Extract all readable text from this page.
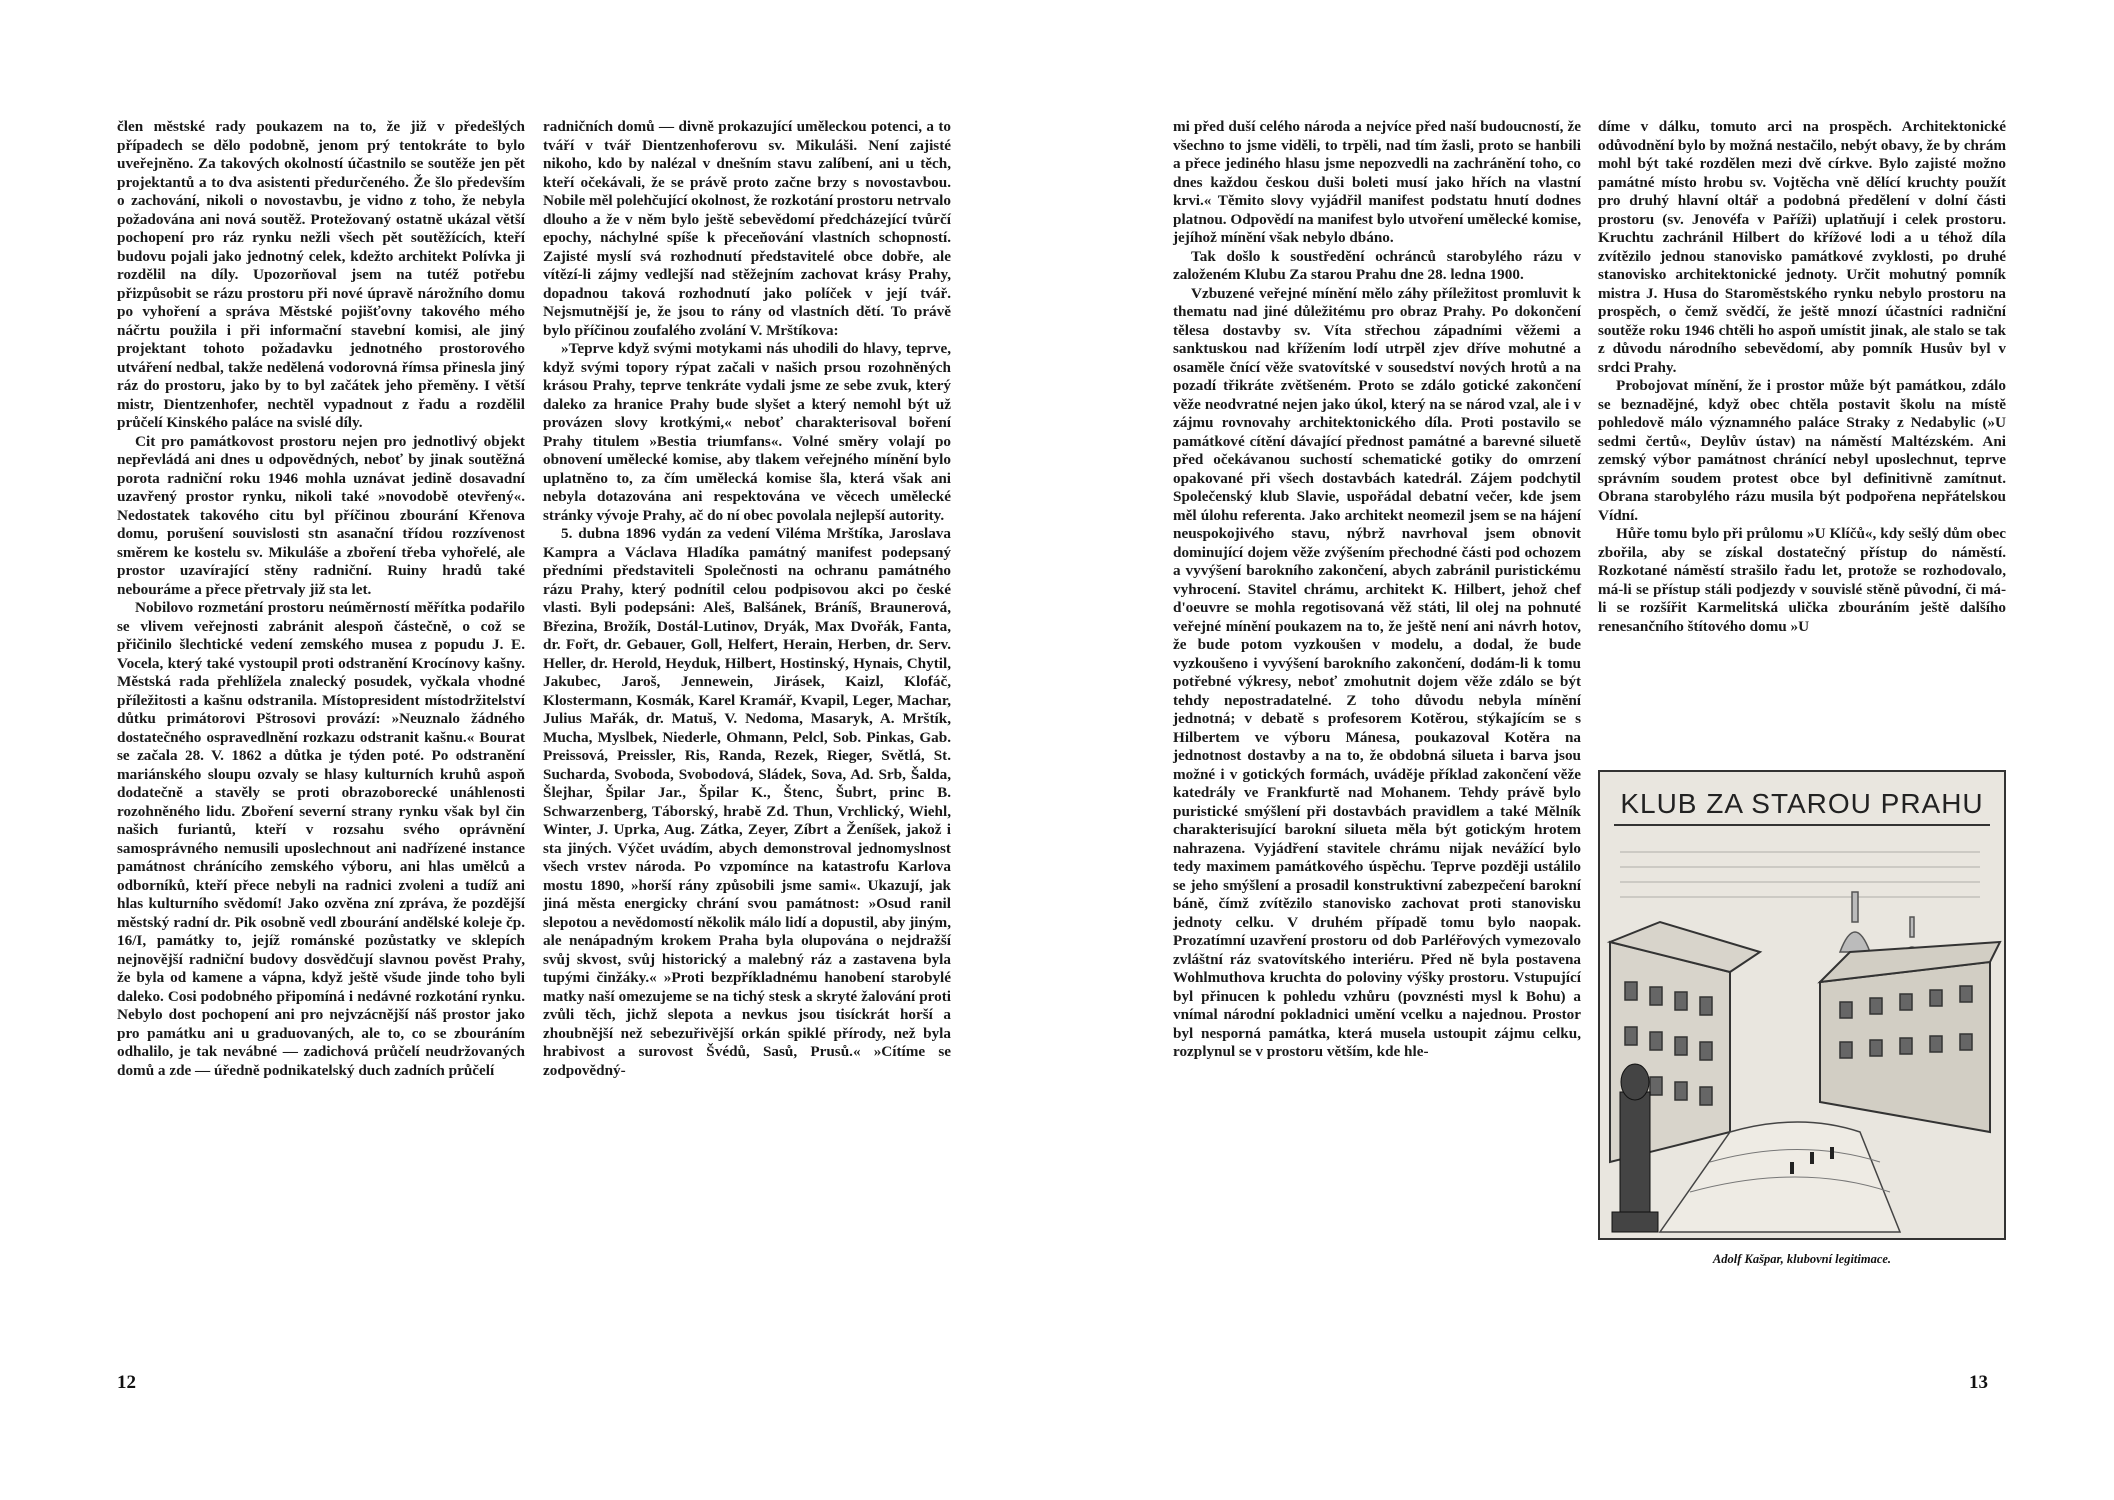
člen městské rady poukazem na to, že již v předešlých případech se dělo podobně, jenom prý tentokráte to bylo uveřejněno. Za takových okolností účastnilo se soutěže jen pět projektantů a to dva asistenti předurčeného. Že šlo především o zachování, nikoli o novostavbu, je vidno z toho, že nebyla požadována ani nová soutěž. Protežovaný ostatně ukázal větší pochopení pro ráz rynku nežli všech pět soutěžících, kteří budovu pojali jako jednotný celek, kdežto architekt Polívka ji rozdělil na díly. Upozorňoval jsem na tutéž potřebu přizpůsobit se rázu prostoru při nové úpravě nárožního domu po vyhoření a správa Městské pojišťovny takového mého náčrtu použila i při informační stavební komisi, ale jiný projektant tohoto požadavku jednotného prostorového utváření nedbal, takže nedělená vodorovná římsa přinesla jiný ráz do prostoru, jako by to byl začátek jeho přeměny. I větší mistr, Dientzenhofer, nechtěl vypadnout z řadu a rozdělil průčelí Kinského paláce na svislé díly.

Cit pro památkovost prostoru nejen pro jednotlivý objekt nepřevládá ani dnes u odpovědných, neboť by jinak soutěžná porota radniční roku 1946 mohla uznávat jedině dosavadní uzavřený prostor rynku, nikoli také »novodobě otevřený«. Nedostatek takového citu byl příčinou zbourání Křenova domu, porušení souvislosti stn asanační třídou rozzívenost směrem ke kostelu sv. Mikuláše a zboření třeba vyhořelé, ale prostor uzavírající stěny radniční. Ruiny hradů také nebouráme a přece přetrvaly již sta let.

Nobilovo rozmetání prostoru neúměrností měřítka podařilo se vlivem veřejnosti zabránit alespoň částečně, o což se přičinilo šlechtické vedení zemského musea z popudu J. E. Vocela, který také vystoupil proti odstranění Krocínovy kašny. Městská rada přehlížela znalecký posudek, vyčkala vhodné příležitosti a kašnu odstranila. Místopresident místodržitelství důtku primátorovi Pštrosovi provází: »Neuznalo žádného dostatečného ospravedlnění rozkazu odstranit kašnu.« Bourat se začala 28. V. 1862 a důtka je týden poté. Po odstranění mariánského sloupu ozvaly se hlasy kulturních kruhů aspoň dodatečně a stavěly se proti obrazoborecké unáhlenosti rozohněného lidu. Zboření severní strany rynku však byl čin našich furiantů, kteří v rozsahu svého oprávnění samosprávného nemusili uposlechnout ani nadřízené instance památnost chránícího zemského výboru, ani hlas umělců a odborníků, kteří přece nebyli na radnici zvoleni a tudíž ani hlas kulturního svědomí! Jako ozvěna zní zpráva, že pozdější městský radní dr. Pik osobně vedl zbourání andělské koleje čp. 16/I, památky to, jejíž románské pozůstatky ve sklepích nejnovější radniční budovy dosvědčují slavnou pověst Prahy, že byla od kamene a vápna, když ještě všude jinde toho byli daleko. Cosi podobného připomíná i nedávné rozkotání rynku. Nebylo dost pochopení ani pro nejvzácnější náš prostor jako pro památku ani u graduovaných, ale to, co se zbouráním odhalilo, je tak nevábné — zadichová průčelí neudržovaných domů a zde — úředně podnikatelský duch zadních průčelí

radničních domů — divně prokazující uměleckou potenci, a to tváří v tvář Dientzenhoferovu sv. Mikuláši. Není zajisté nikoho, kdo by nalézal v dnešním stavu zalíbení, ani u těch, kteří očekávali, že se právě proto začne brzy s novostavbou. Nobile měl polehčující okolnost, že rozkotání prostoru netrvalo dlouho a že v něm bylo ještě sebevědomí předcházející tvůrčí epochy, náchylné spíše k přeceňování vlastních schopností. Zajisté myslí svá rozhodnutí představitelé obce dobře, ale vítězí-li zájmy vedlejší nad stěžejním zachovat krásy Prahy, dopadnou taková rozhodnutí jako políček v její tvář. Nejsmutnější je, že jsou to rány od vlastních dětí. To právě bylo příčinou zoufalého zvolání V. Mrštíkova:

»Teprve když svými motykami nás uhodili do hlavy, teprve, když svými topory rýpat začali v našich prsou rozohněných krásou Prahy, teprve tenkráte vydali jsme ze sebe zvuk, který daleko za hranice Prahy bude slyšet a který nemohl být už provázen slovy krotkými,« neboť charakterisoval boření Prahy titulem »Bestia triumfans«. Volné směry volají po obnovení umělecké komise, aby tlakem veřejného mínění bylo uplatněno to, za čím umělecká komise šla, která však ani nebyla dotazována ani respektována ve věcech umělecké stránky vývoje Prahy, ač do ní obec povolala nejlepší autority.

5. dubna 1896 vydán za vedení Viléma Mrštíka, Jaroslava Kampra a Václava Hladíka památný manifest podepsaný předními představiteli Společnosti na ochranu památného rázu Prahy, který podnítil celou podpisovou akci po české vlasti. Byli podepsáni: Aleš, Balšánek, Bráníš, Braunerová, Březina, Brožík, Dostál-Lutinov, Dryák, Max Dvořák, Fanta, dr. Fořt, dr. Gebauer, Goll, Helfert, Herain, Herben, dr. Serv. Heller, dr. Herold, Heyduk, Hilbert, Hostinský, Hynais, Chytil, Jakubec, Jaroš, Jennewein, Jirásek, Kaizl, Klofáč, Klostermann, Kosmák, Karel Kramář, Kvapil, Leger, Machar, Julius Mařák, dr. Matuš, V. Nedoma, Masaryk, A. Mrštík, Mucha, Myslbek, Niederle, Ohmann, Pelcl, Sob. Pinkas, Gab. Preissová, Preissler, Ris, Randa, Rezek, Rieger, Světlá, St. Sucharda, Svoboda, Svobodová, Sládek, Sova, Ad. Srb, Šalda, Šlejhar, Špilar Jar., Špilar K., Štenc, Šubrt, princ B. Schwarzenberg, Táborský, hrabě Zd. Thun, Vrchlický, Wiehl, Winter, J. Uprka, Aug. Zátka, Zeyer, Zíbrt a Ženíšek, jakož i sta jiných. Výčet uvádím, abych demonstroval jednomyslnost všech vrstev národa. Po vzpomínce na katastrofu Karlova mostu 1890, »horší rány způsobili jsme sami«. Ukazují, jak jiná města energicky chrání svou památnost: »Osud ranil slepotou a nevědomostí několik málo lidí a dopustil, aby jiným, ale nenápadným krokem Praha byla olupována o nejdražší svůj skvost, svůj historický a malebný ráz a zastavena byla tupými činžáky.« »Proti bezpříkladnému hanobení starobylé matky naší omezujeme se na tichý stesk a skryté žalování proti zvůli těch, jichž slepota a nevkus jsou tisíckrát horší a zhoubnější než sebezuřivější orkán spiklé přírody, než byla hrabivost a surovost Švédů, Sasů, Prusů.« »Cítíme se zodpovědný-

12

mi před duší celého národa a nejvíce před naší budoucností, že všechno to jsme viděli, to trpěli, nad tím žasli, proto se hanbili a přece jediného hlasu jsme nepozvedli na zachránění toho, co dnes každou českou duši boleti musí jako hřích na vlastní krvi.« Těmito slovy vyjádřil manifest podstatu hnutí dodnes platnou. Odpovědí na manifest bylo utvoření umělecké komise, jejíhož mínění však nebylo dbáno.

Tak došlo k soustředění ochránců starobylého rázu v založeném Klubu Za starou Prahu dne 28. ledna 1900.

Vzbuzené veřejné mínění mělo záhy příležitost promluvit k thematu nad jiné důležitému pro obraz Prahy. Po dokončení tělesa dostavby sv. Víta střechou západními věžemi a sanktuskou nad křížením lodí utrpěl zjev dříve mohutné a osaměle čnící věže svatovítské v sousedství nových hrotů a na pozadí třikráte zvětšeném. Proto se zdálo gotické zakončení věže neodvratné nejen jako úkol, který na se národ vzal, ale i v zájmu rovnovahy architektonického díla. Proti postavilo se památkové cítění dávající přednost památné a barevné siluetě před očekávanou suchostí schematické gotiky do omrzení opakované při všech dostavbách katedrál. Zájem podchytil Společenský klub Slavie, uspořádal debatní večer, kde jsem měl úlohu referenta. Jako architekt neomezil jsem se na hájení neuspokojivého stavu, nýbrž navrhoval jsem obnovit dominující dojem věže zvýšením přechodné části pod ochozem a vyvýšení barokního zakončení, abych zabránil puristickému vyhrocení. Stavitel chrámu, architekt K. Hilbert, jehož chef d'oeuvre se mohla regotisovaná věž státi, lil olej na pohnuté veřejné mínění poukazem na to, že ještě není ani návrh hotov, že bude potom vyzkoušen v modelu, a dodal, že bude vyzkoušeno i vyvýšení barokního zakončení, dodám-li k tomu potřebné výkresy, neboť zmohutnit dojem věže zdálo se být tehdy nepostradatelné. Z toho důvodu nebyla mínění jednotná; v debatě s profesorem Kotěrou, stýkajícím se s Hilbertem ve výboru Mánesa, poukazoval Kotěra na jednotnost dostavby a na to, že obdobná silueta i barva jsou možné i v gotických formách, uváděje příklad zakončení věže katedrály ve Frankfurtě nad Mohanem. Tehdy právě bylo puristické smýšlení při dostavbách pravidlem a také Mělník charakterisující barokní silueta měla být gotickým hrotem nahrazena. Vyjádření stavitele chrámu nijak nevážící bylo tedy maximem památkového úspěchu. Teprve později ustálilo se jeho smýšlení a prosadil konstruktivní zabezpečení barokní báně, čímž zvítězilo stanovisko zachovat proti stanovisku jednoty celku. V druhém případě tomu bylo naopak. Prozatímní uzavření prostoru od dob Parléřových vymezovalo zvláštní ráz svatovítského interiéru. Před ně byla postavena Wohlmuthova kruchta do poloviny výšky prostoru. Vstupující byl přinucen k pohledu vzhůru (povznésti mysl k Bohu) a vnímal národní pokladnici umění vcelku a najednou. Prostor byl nesporná památka, která musela ustoupit zájmu celku, rozplynul se v prostoru větším, kde hle-

díme v dálku, tomuto arci na prospěch. Architektonické odůvodnění bylo by možná nestačilo, nebýt obavy, že by chrám mohl být také rozdělen mezi dvě církve. Bylo zajisté možno památné místo hrobu sv. Vojtěcha vně dělící kruchty použít pro druhý hlavní oltář a podobná předělení v dolní části prostoru (sv. Jenovéfa v Paříži) uplatňují i celek prostoru. Kruchtu zachránil Hilbert do křížové lodi a u téhož díla zvítězilo jednou stanovisko památkové zvyklosti, po druhé stanovisko architektonické jednoty. Určit mohutný pomník mistra J. Husa do Staroměstského rynku nebylo prostoru na prospěch, o čemž svědčí, že ještě mnozí účastníci radniční soutěže roku 1946 chtěli ho aspoň umístit jinak, ale stalo se tak z důvodu národního sebevědomí, aby pomník Husův byl v srdci Prahy.

Probojovat mínění, že i prostor může být památkou, zdálo se beznadějné, když obec chtěla postavit školu na místě pohledově málo významného paláce Straky z Nedabylic (»U sedmi čertů«, Deylův ústav) na náměstí Maltézském. Ani zemský výbor památnost chránící nebyl uposlechnut, teprve správním soudem protest obce byl definitivně zamítnut. Obrana starobylého rázu musila být podpořena nepřátelskou Vídní.

Hůře tomu bylo při průlomu »U Klíčů«, kdy sešlý dům obec zbořila, aby se získal dostatečný přístup do náměstí. Rozkotané náměstí strašilo řadu let, protože se rozhodovalo, má-li se přístup stáli podjezdy v souvislé stěně původní, či má-li se rozšířit Karmelitská ulička zbouráním ještě dalšího renesančního štítového domu »U

KLUB ZA STAROU PRAHU
Adolf Kašpar, klubovní legitimace.
13
